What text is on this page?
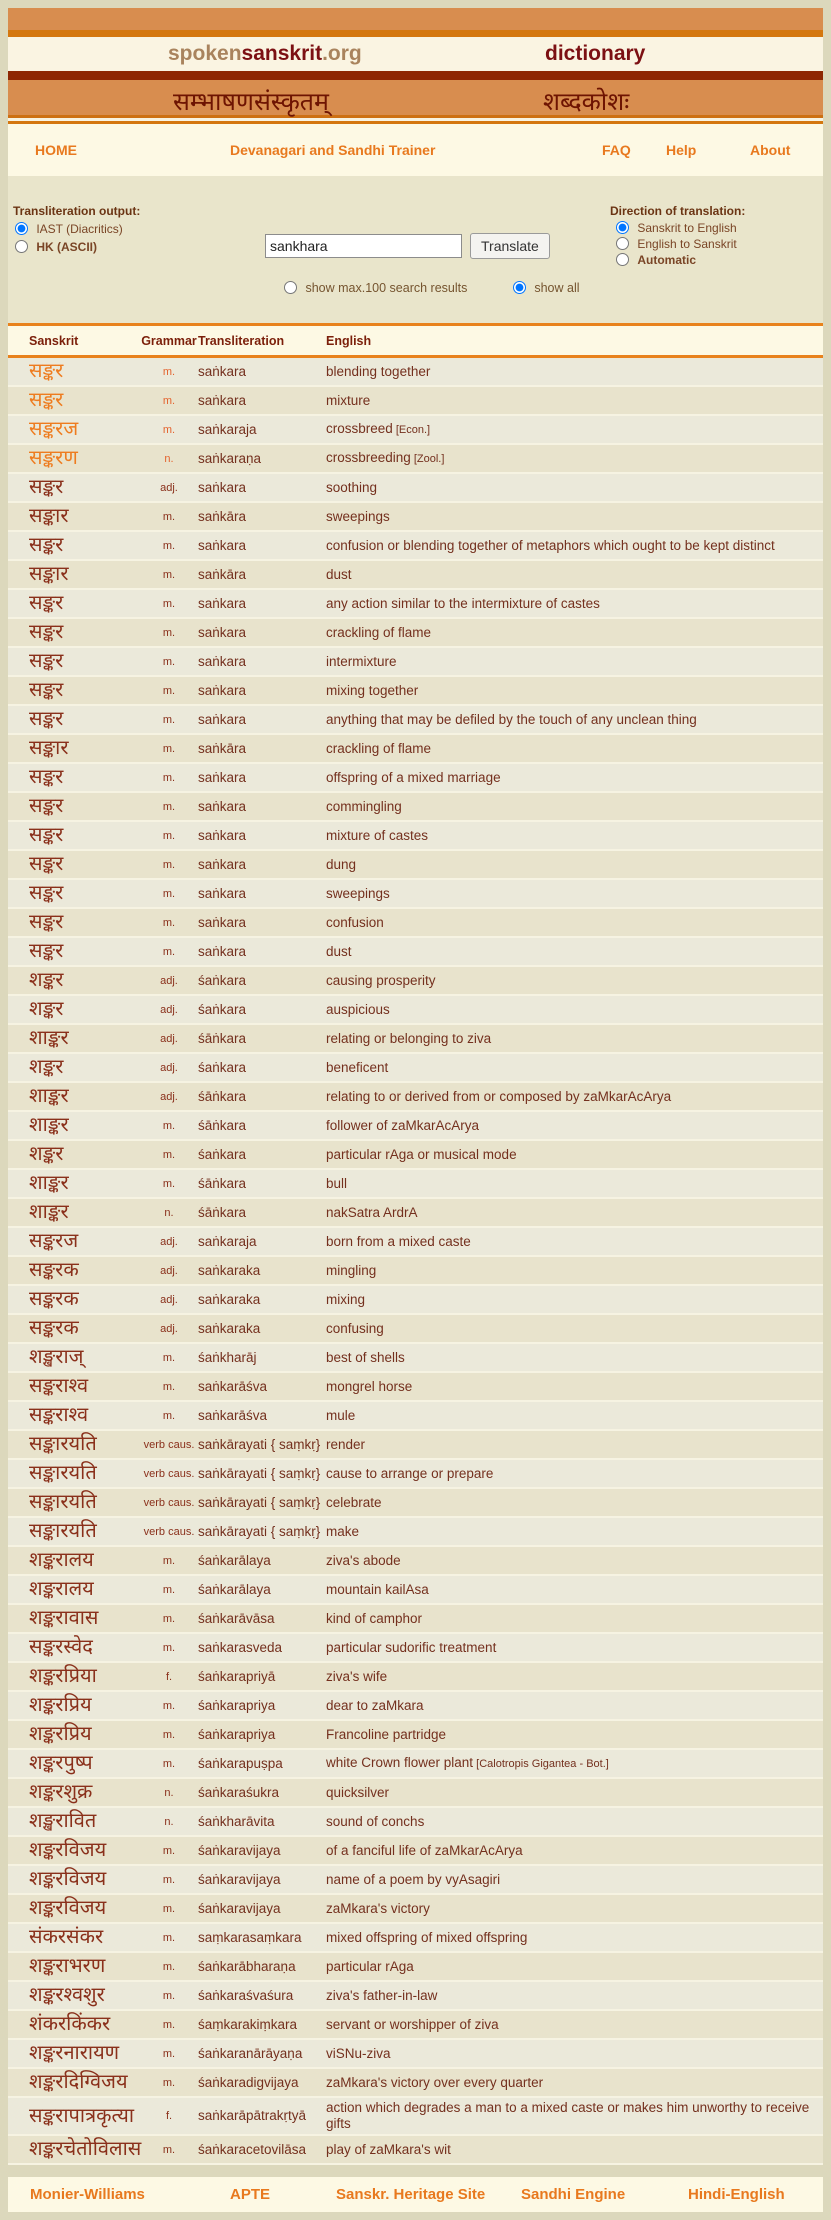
spokensanskrit.org	dictionary
सम्भाषणसंस्कृतम्	शब्दकोशः
HOME	Devanagari and Sandhi Trainer	FAQ	Help	About
Transliteration output:
IAST (Diacritics)
HK (ASCII)
sankhara	Translate
Direction of translation:
Sanskrit to English
English to Sanskrit
Automatic
show max.100 search results	show all
Sanskrit	Grammar	Transliteration	English
सङ्कर	m.	saṅkara	blending together
सङ्कर	m.	saṅkara	mixture
सङ्करज	m.	saṅkaraja	crossbreed [Econ.]
सङ्करण	n.	saṅkaraṇa	crossbreeding [Zool.]
सङ्कर	adj.	saṅkara	soothing
सङ्कार	m.	saṅkāra	sweepings
सङ्कर	m.	saṅkara	confusion or blending together of metaphors which ought to be kept distinct
सङ्कार	m.	saṅkāra	dust
सङ्कर	m.	saṅkara	any action similar to the intermixture of castes
सङ्कर	m.	saṅkara	crackling of flame
सङ्कर	m.	saṅkara	intermixture
सङ्कर	m.	saṅkara	mixing together
सङ्कर	m.	saṅkara	anything that may be defiled by the touch of any unclean thing
सङ्कार	m.	saṅkāra	crackling of flame
सङ्कर	m.	saṅkara	offspring of a mixed marriage
सङ्कर	m.	saṅkara	commingling
सङ्कर	m.	saṅkara	mixture of castes
सङ्कर	m.	saṅkara	dung
सङ्कर	m.	saṅkara	sweepings
सङ्कर	m.	saṅkara	confusion
सङ्कर	m.	saṅkara	dust
शङ्कर	adj.	śaṅkara	causing prosperity
शङ्कर	adj.	śaṅkara	auspicious
शाङ्कर	adj.	śāṅkara	relating or belonging to ziva
शङ्कर	adj.	śaṅkara	beneficent
शाङ्कर	adj.	śāṅkara	relating to or derived from or composed by zaMkarAcArya
शाङ्कर	m.	śāṅkara	follower of zaMkarAcArya
शङ्कर	m.	śaṅkara	particular rAga or musical mode
शाङ्कर	m.	śāṅkara	bull
शाङ्कर	n.	śāṅkara	nakSatra ArdrA
सङ्करज	adj.	saṅkaraja	born from a mixed caste
सङ्करक	adj.	saṅkaraka	mingling
सङ्करक	adj.	saṅkaraka	mixing
सङ्करक	adj.	saṅkaraka	confusing
शङ्खराज्	m.	śaṅkharāj	best of shells
सङ्कराश्व	m.	saṅkarāśva	mongrel horse
सङ्कराश्व	m.	saṅkarāśva	mule
सङ्कारयति	verb caus.	saṅkārayati { saṃkṛ}	render
सङ्कारयति	verb caus.	saṅkārayati { saṃkṛ}	cause to arrange or prepare
सङ्कारयति	verb caus.	saṅkārayati { saṃkṛ}	celebrate
सङ्कारयति	verb caus.	saṅkārayati { saṃkṛ}	make
शङ्करालय	m.	śaṅkarālaya	ziva's abode
शङ्करालय	m.	śaṅkarālaya	mountain kailAsa
शङ्करावास	m.	śaṅkarāvāsa	kind of camphor
सङ्करस्वेद	m.	saṅkarasveda	particular sudorific treatment
शङ्करप्रिया	f.	śaṅkarapriyā	ziva's wife
शङ्करप्रिय	m.	śaṅkarapriya	dear to zaMkara
शङ्करप्रिय	m.	śaṅkarapriya	Francoline partridge
शङ्करपुष्प	m.	śaṅkarapuṣpa	white Crown flower plant [Calotropis Gigantea - Bot.]
शङ्करशुक्र	n.	śaṅkaraśukra	quicksilver
शङ्खरावित	n.	śaṅkharāvita	sound of conchs
शङ्करविजय	m.	śaṅkaravijaya	of a fanciful life of zaMkarAcArya
शङ्करविजय	m.	śaṅkaravijaya	name of a poem by vyAsagiri
शङ्करविजय	m.	śaṅkaravijaya	zaMkara's victory
संकरसंकर	m.	saṃkarasaṃkara	mixed offspring of mixed offspring
शङ्कराभरण	m.	śaṅkarābharaṇa	particular rAga
शङ्करश्वशुर	m.	śaṅkaraśvaśura	ziva's father-in-law
शंकरकिंकर	m.	śaṃkarakiṃkara	servant or worshipper of ziva
शङ्करनारायण	m.	śaṅkaranārāyaṇa	viSNu-ziva
शङ्करदिग्विजय	m.	śaṅkaradigvijaya	zaMkara's victory over every quarter
सङ्करापात्रकृत्या	f.	saṅkarāpātrakṛtyā	action which degrades a man to a mixed caste or makes him unworthy to receive gifts
शङ्करचेतोविलास	m.	śaṅkaracetovilāsa	play of zaMkara's wit
Monier-Williams	APTE	Sanskr. Heritage Site Sandhi Engine	Hindi-English
